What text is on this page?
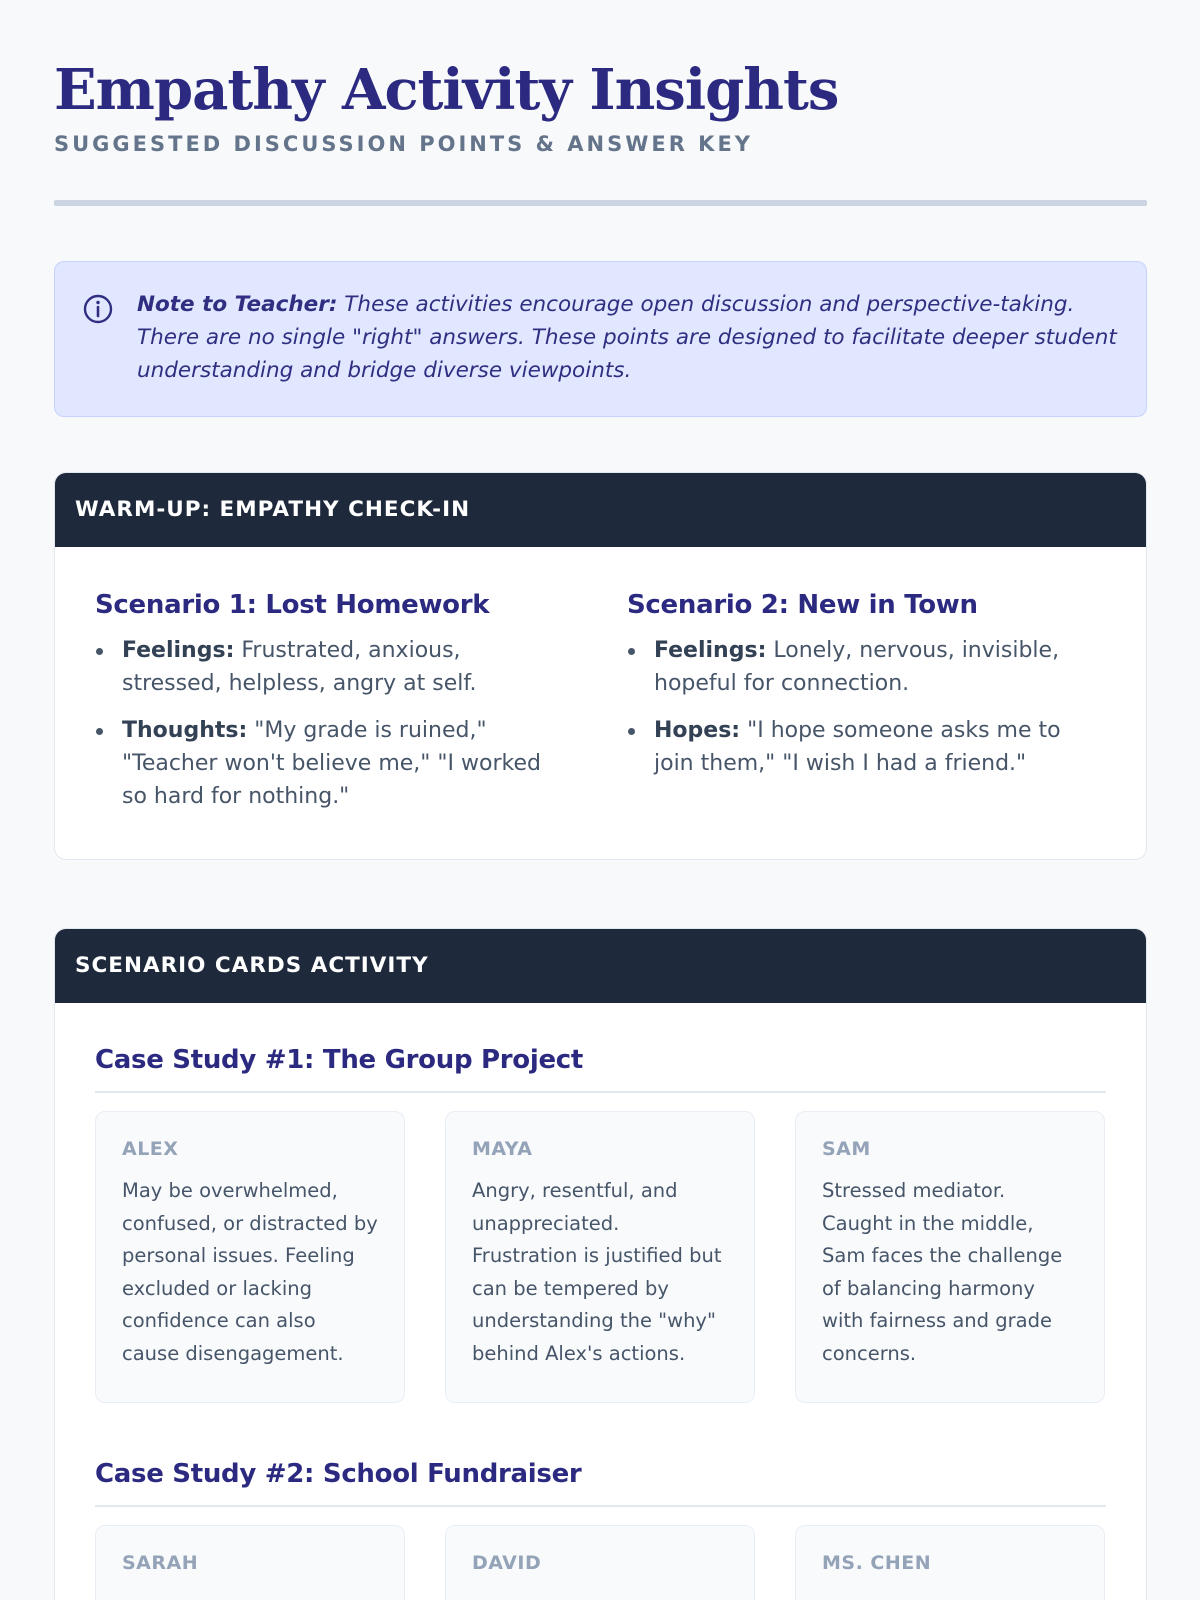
Empathy Activity Insights
SUGGESTED DISCUSSION POINTS & ANSWER KEY

Note to Teacher: These activities encourage open discussion and perspective-taking. There are no single "right" answers. These points are designed to facilitate deeper student understanding and bridge diverse viewpoints.

WARM-UP: EMPATHY CHECK-IN
Scenario 1: Lost Homework
Feelings: Frustrated, anxious, stressed, helpless, angry at self.
Thoughts: "My grade is ruined," "Teacher won't believe me," "I worked so hard for nothing."
Scenario 2: New in Town
Feelings: Lonely, nervous, invisible, hopeful for connection.
Hopes: "I hope someone asks me to join them," "I wish I had a friend."
SCENARIO CARDS ACTIVITY
Case Study #1: The Group Project
ALEX

May be overwhelmed, confused, or distracted by personal issues. Feeling excluded or lacking confidence can also cause disengagement.

MAYA

Angry, resentful, and unappreciated. Frustration is justified but can be tempered by understanding the "why" behind Alex's actions.

SAM

Stressed mediator. Caught in the middle, Sam faces the challenge of balancing harmony with fairness and grade concerns.

Case Study #2: School Fundraiser
SARAH	DAVID	MS. CHEN
